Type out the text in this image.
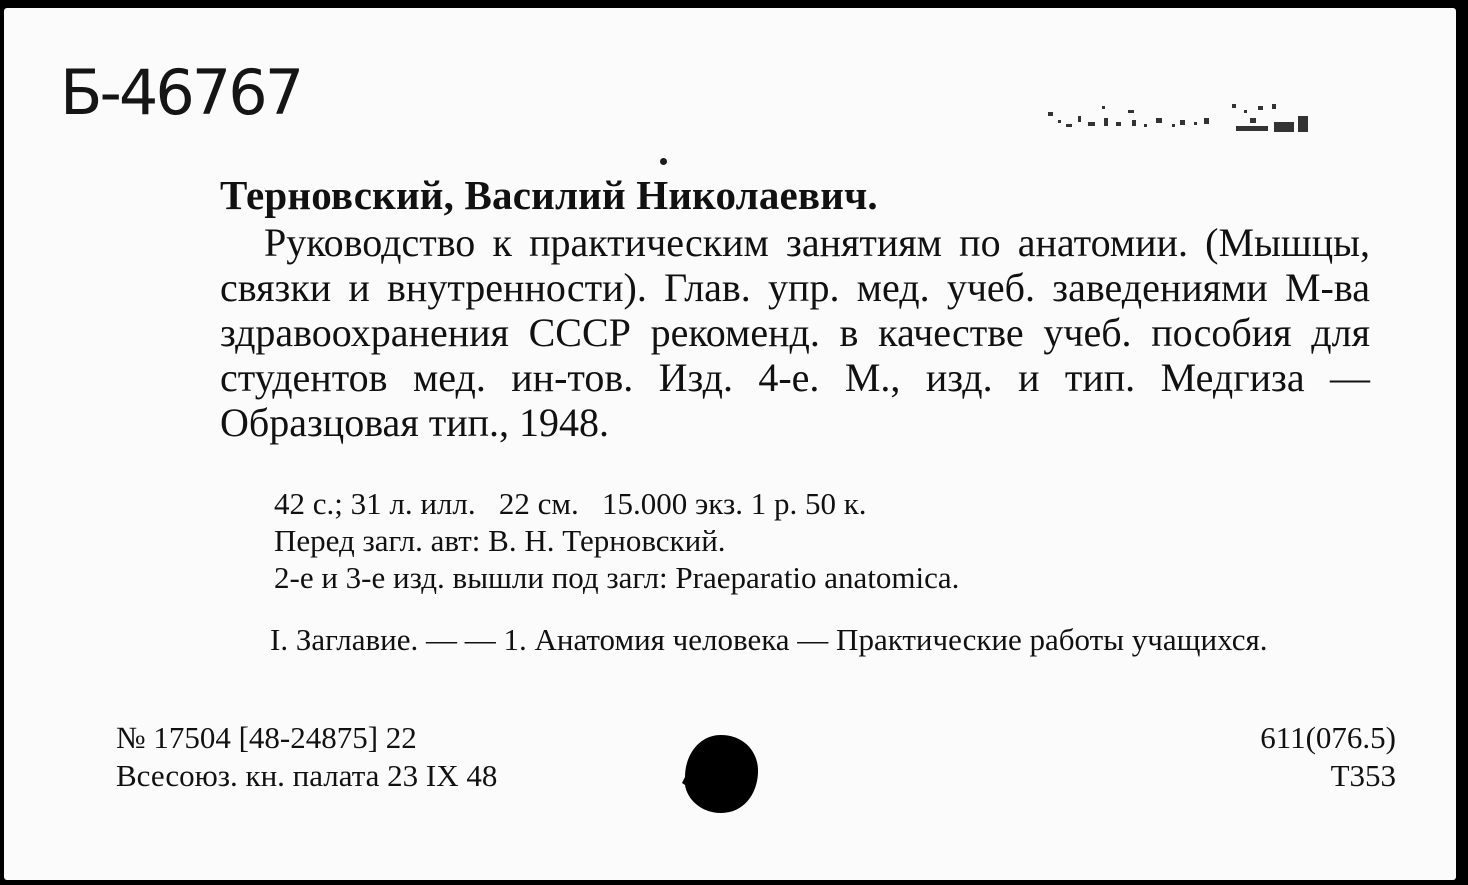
Б-46767
Терновский, Василий Николаевич.
Руководство к практическим занятиям по анатомии. (Мышцы, связки и внутренности). Глав. упр. мед. учеб. заведениями М-ва здравоохранения СССР рекоменд. в качестве учеб. пособия для студентов мед. ин-тов. Изд. 4-е. М., изд. и тип. Медгиза — Образцовая тип., 1948.
42 с.; 31 л. илл.   22 см.   15.000 экз. 1 р. 50 к.
Перед загл. авт: В. Н. Терновский.
2-е и 3-е изд. вышли под загл: Praeparatio anatomica.
I. Заглавие. — — 1. Анатомия человека — Практические работы учащихся.
№ 17504 [48-24875] 22
Всесоюз. кн. палата 23 IX 48
611(076.5)
Т353
